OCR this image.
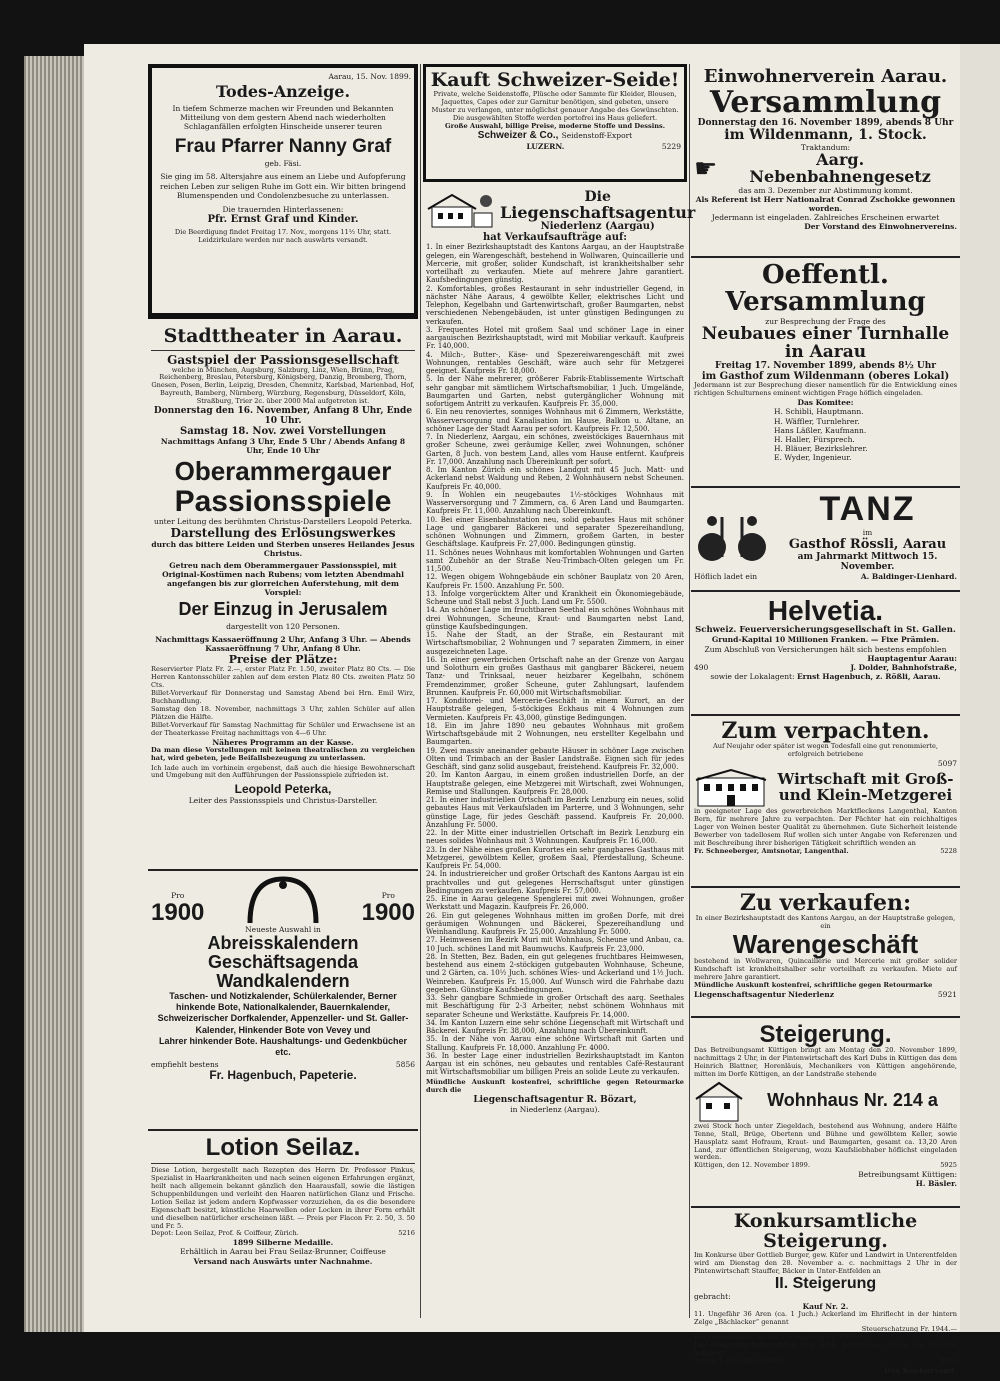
Aarau, 15. Nov. 1899.

Todes-Anzeige.

In tiefem Schmerze machen wir Freunden und Bekannten Mitteilung von dem gestern Abend nach wiederholten Schlaganfällen erfolgten Hinscheide unserer teuren

Frau Pfarrer Nanny Graf

geb. Fäsi.

Sie ging im 58. Altersjahre aus einem an Liebe und Aufopferung reichen Leben zur seligen Ruhe im Gott ein. Wir bitten bringend Blumenspenden und Condolenzbesuche zu unterlassen.

Die trauernden Hinterlassenen:

Pfr. Ernst Graf und Kinder.

Die Beerdigung findet Freitag 17. Nov., morgens 11½ Uhr, statt. Leidzirkulare werden nur nach auswärts versandt.

Stadttheater in Aarau.

Gastspiel der Passionsgesellschaft

welche in München, Augsburg, Salzburg, Linz, Wien, Brünn, Prag, Reichenberg, Breslau, Petersburg, Königsberg, Danzig, Bromberg, Thorn, Gnesen, Posen, Berlin, Leipzig, Dresden, Chemnitz, Karlsbad, Marienbad, Hof, Bayreuth, Bamberg, Nürnberg, Würzburg, Regensburg, Düsseldorf, Köln, Straßburg, Trier 2c. über 2000 Mal aufgetreten ist.

Donnerstag den 16. November, Anfang 8 Uhr, Ende 10 Uhr.

Samstag 18. Nov. zwei Vorstellungen

Nachmittags Anfang 3 Uhr, Ende 5 Uhr / Abends Anfang 8 Uhr, Ende 10 Uhr

Oberammergauer

Passionsspiele

unter Leitung des berühmten Christus-Darstellers Leopold Peterka.

Darstellung des Erlösungswerkes

durch das bittere Leiden und Sterben unseres Heilandes Jesus Christus.

Getreu nach dem Oberammergauer Passionsspiel, mit Original-Kostümen nach Rubens; vom letzten Abendmahl angefangen bis zur glorreichen Auferstehung, mit dem Vorspiel:

Der Einzug in Jerusalem

dargestellt von 120 Personen.

Nachmittags Kassaeröffnung 2 Uhr, Anfang 3 Uhr. — Abends Kassaeröffnung 7 Uhr, Anfang 8 Uhr.

Preise der Plätze:

Reservierter Platz Fr. 2.—, erster Platz Fr. 1.50, zweiter Platz 80 Cts. — Die Herren Kantonsschüler zahlen auf dem ersten Platz 80 Cts. zweiten Platz 50 Cts.

Billet-Vorverkauf für Donnerstag und Samstag Abend bei Hrn. Emil Wirz, Buchhandlung.

Samstag den 18. November, nachmittags 3 Uhr, zahlen Schüler auf allen Plätzen die Hälfte.

Billet-Vorverkauf für Samstag Nachmittag für Schüler und Erwachsene ist an der Theaterkasse Freitag nachmittags von 4—6 Uhr.

Näheres Programm an der Kasse.

Da man diese Vorstellungen mit keinen theatralischen zu vergleichen hat, wird gebeten, jede Beifallsbezeugung zu unterlassen.

Ich lade auch im vorhinein ergebenst, daß auch die hiesige Bewohnerschaft und Umgebung mit den Aufführungen der Passionsspiele zufrieden ist.

Leopold Peterka,

Leiter des Passionsspiels und Christus-Darsteller.

Pro

1900

Pro

1900

Neueste Auswahl in

Abreisskalendern

Geschäftsagenda

Wandkalendern

Taschen- und Notizkalender, Schülerkalender, Berner hinkende Bote, Nationalkalender, Bauernkalender, Schweizerischer Dorfkalender, Appenzeller- und St. Galler-Kalender, Hinkender Bote von Vevey und

Lahrer hinkender Bote. Haushaltungs- und Gedenkbücher etc.

empfiehlt bestens	5856

Fr. Hagenbuch, Papeterie.

Lotion Seilaz.

Diese Lotion, hergestellt nach Rezepten des Herrn Dr. Professor Pinkus, Spezialist in Haarkrankheiten und nach seinen eigenen Erfahrungen ergänzt, heilt nach allgemein bekannt gänzlich den Haarausfall, sowie die lästigen Schuppenbildungen und verleiht den Haaren natürlichen Glanz und Frische. Lotion Seilaz ist jedem andern Kopfwasser vorzuziehen, da es die besondere Eigenschaft besitzt, künstliche Haarwellen oder Locken in ihrer Form erhält und dieselben natürlicher erscheinen läßt. — Preis per Flacon Fr. 2. 50, 3. 50 und Fr. 5.

Depot: Leon Seilaz, Prof. & Coiffeur, Zürich.	5216

1899 Silberne Medaille.

Erhältlich in Aarau bei Frau Seilaz-Brunner, Coiffeuse

Versand nach Auswärts unter Nachnahme.

Kauft Schweizer-Seide!

Private, welche Seidenstoffe, Plüsche oder Sammte für Kleider, Blousen, Jaquettes, Capes oder zur Garnitur benötigen, sind gebeten, unsere Muster zu verlangen, unter möglichst genauer Angabe des Gewünschten. Die ausgewählten Stoffe werden portofrei ins Haus geliefert.

Große Auswahl, billige Preise, moderne Stoffe und Dessins.

Schweizer & Co., Seidenstoff-Export

LUZERN.	5229

Die

Liegenschaftsagentur

Niederlenz (Aargau)

hat Verkaufsaufträge auf:

1. In einer Bezirkshauptstadt des Kantons Aargau, an der Hauptstraße gelegen, ein Warengeschäft, bestehend in Wollwaren, Quincaillerie und Mercerie, mit großer, solider Kundschaft, ist krankheitshalber sehr vorteilhaft zu verkaufen. Miete auf mehrere Jahre garantiert. Kaufsbedingungen günstig.

2. Komfortables, großes Restaurant in sehr industrieller Gegend, in nächster Nähe Aaraus, 4 gewölbte Keller, elektrisches Licht und Telephon, Kegelbahn und Gartenwirtschaft, großer Baumgarten, nebst verschiedenen Nebengebäuden, ist unter günstigen Bedingungen zu verkaufen.

3. Frequentes Hotel mit großem Saal und schöner Lage in einer aargauischen Bezirkshauptstadt, wird mit Mobiliar verkauft. Kaufpreis Fr. 140,000.

4. Milch-, Butter-, Käse- und Spezereiwarengeschäft mit zwei Wohnungen, rentables Geschäft, wäre auch sehr für Metzgerei geeignet. Kaufpreis Fr. 18,000.

5. In der Nähe mehrerer, größerer Fabrik-Etablissemente Wirtschaft sehr gangbar mit sämtlichem Wirtschaftsmobiliar, 1 Juch. Umgelände, Baumgarten und Garten, nebst gutergänglicher Wohnung mit sofortigem Antritt zu verkaufen. Kaufpreis Fr. 35,000.

6. Ein neu renoviertes, sonniges Wohnhaus mit 6 Zimmern, Werkstätte, Wasserversorgung und Kanalisation im Hause, Balkon u. Altane, an schöner Lage der Stadt Aarau per sofort. Kaufpreis Fr. 12,500.

7. In Niederlenz, Aargau, ein schönes, zweistöckiges Bauernhaus mit großer Scheune, zwei geräumige Keller, zwei Wohnungen, schöner Garten, 8 Juch. von bestem Land, alles vom Hause entfernt. Kaufpreis Fr. 17,000. Anzahlung nach Übereinkunft per sofort.

8. Im Kanton Zürich ein schönes Landgut mit 45 Juch. Matt- und Ackerland nebst Waldung und Reben, 2 Wohnhäusern nebst Scheunen. Kaufpreis Fr. 40,000.

9. In Wohlen ein neugebautes 1½-stöckiges Wohnhaus mit Wasserversorgung und 7 Zimmern, ca. 6 Aren Land und Baumgarten. Kaufpreis Fr. 11,000. Anzahlung nach Übereinkunft.

10. Bei einer Eisenbahnstation neu, solid gebautes Haus mit schöner Lage und gangbarer Bäckerei und separater Spezereihandlung, schönen Wohnungen und Zimmern, großem Garten, in bester Geschäftslage. Kaufpreis Fr. 27,000. Bedingungen günstig.

11. Schönes neues Wohnhaus mit komfortablen Wohnungen und Garten samt Zubehör an der Straße Neu-Trimbach-Olten gelegen um Fr. 11,500.

12. Wegen obigem Wohngebäude ein schöner Bauplatz von 20 Aren, Kaufpreis Fr. 1500. Anzahlung Fr. 500.

13. Infolge vorgerücktem Alter und Krankheit ein Ökonomiegebäude, Scheune und Stall nebst 3 Juch. Land um Fr. 5500.

14. An schöner Lage im fruchtbaren Seethal ein schönes Wohnhaus mit drei Wohnungen, Scheune, Kraut- und Baumgarten nebst Land, günstige Kaufsbedingungen.

15. Nahe der Stadt, an der Straße, ein Restaurant mit Wirtschaftsmobiliar, 2 Wohnungen und 7 separaten Zimmern, in einer ausgezeichneten Lage.

16. In einer gewerbreichen Ortschaft nahe an der Grenze von Aargau und Solothurn ein großes Gasthaus mit gangbarer Bäckerei, neuem Tanz- und Trinksaal, neuer heizbarer Kegelbahn, schönem Fremdenzimmer, großer Scheune, guter Zahlungsart, laufendem Brunnen. Kaufpreis Fr. 60,000 mit Wirtschaftsmobiliar.

17. Konditorei- und Mercerie-Geschäft in einem Kurort, an der Hauptstraße gelegen, 5-stöckiges Eckhaus mit 4 Wohnungen zum Vermieten. Kaufpreis Fr. 43,000, günstige Bedingungen.

18. Ein im Jahre 1890 neu gebautes Wohnhaus mit großem Wirtschaftsgebäude mit 2 Wohnungen, neu erstellter Kegelbahn und Baumgarten.

19. Zwei massiv aneinander gebaute Häuser in schöner Lage zwischen Olten und Trimbach an der Basler Landstraße. Eignen sich für jedes Geschäft, sind ganz solid ausgebaut, freistehend. Kaufpreis Fr. 32,000.

20. Im Kanton Aargau, in einem großen industriellen Dorfe, an der Hauptstraße gelegen, eine Metzgerei mit Wirtschaft, zwei Wohnungen, Remise und Stallungen. Kaufpreis Fr. 28,000.

21. In einer industriellen Ortschaft im Bezirk Lenzburg ein neues, solid gebautes Haus mit Verkaufsladen im Parterre, und 3 Wohnungen, sehr günstige Lage, für jedes Geschäft passend. Kaufpreis Fr. 20,000. Anzahlung Fr. 5000.

22. In der Mitte einer industriellen Ortschaft im Bezirk Lenzburg ein neues solides Wohnhaus mit 3 Wohnungen. Kaufpreis Fr. 16,000.

23. In der Nähe eines großen Kurortes ein sehr gangbares Gasthaus mit Metzgerei, gewölbtem Keller, großem Saal, Pferdestallung, Scheune. Kaufpreis Fr. 54,000.

24. In industriereicher und großer Ortschaft des Kantons Aargau ist ein prachtvolles und gut gelegenes Herrschaftsgut unter günstigen Bedingungen zu verkaufen. Kaufpreis Fr. 57,000.

25. Eine in Aarau gelegene Spenglerei mit zwei Wohnungen, großer Werkstatt und Magazin. Kaufpreis Fr. 26,000.

26. Ein gut gelegenes Wohnhaus mitten im großen Dorfe, mit drei geräumigen Wohnungen und Bäckerei, Spezereihandlung und Weinhandlung. Kaufpreis Fr. 25,000. Anzahlung Fr. 5000.

27. Heimwesen im Bezirk Muri mit Wohnhaus, Scheune und Anbau, ca. 10 Juch. schönes Land mit Baumwuchs. Kaufpreis Fr. 23,000.

28. In Stetten, Bez. Baden, ein gut gelegenes fruchtbares Heimwesen, bestehend aus einem 2-stöckigen gutgebauten Wohnhause, Scheune, und 2 Gärten, ca. 10½ Juch. schönes Wies- und Ackerland und 1½ Juch. Weinreben. Kaufpreis Fr. 15,000. Auf Wunsch wird die Fahrhabe dazu gegeben. Günstige Kaufsbedingungen.

33. Sehr gangbare Schmiede in großer Ortschaft des aarg. Seethales mit Beschäftigung für 2-3 Arbeiter, nebst schönem Wohnhaus mit separater Scheune und Werkstätte. Kaufpreis Fr. 14,000.

34. Im Kanton Luzern eine sehr schöne Liegenschaft mit Wirtschaft und Bäckerei. Kaufpreis Fr. 38,000, Anzahlung nach Übereinkunft.

35. In der Nähe von Aarau eine schöne Wirtschaft mit Garten und Stallung. Kaufpreis Fr. 18,000. Anzahlung Fr. 4000.

36. In bester Lage einer industriellen Bezirkshauptstadt im Kanton Aargau ist ein schönes, neu gebautes und rentables Café-Restaurant mit Wirtschaftsmobiliar um billigen Preis an solide Leute zu verkaufen.

Mündliche Auskunft kostenfrei, schriftliche gegen Retourmarke durch die

Liegenschaftsagentur R. Bözart,

in Niederlenz (Aargau).

Einwohnerverein Aarau.

Versammlung

Donnerstag den 16. November 1899, abends 8 Uhr

im Wildenmann, 1. Stock.

Traktandum:

☛	Aarg. Nebenbahnengesetz

das am 3. Dezember zur Abstimmung kommt.

Als Referent ist Herr Nationalrat Conrad Zschokke gewonnen worden.

Jedermann ist eingeladen. Zahlreiches Erscheinen erwartet

Der Vorstand des Einwohnervereins.

Oeffentl. Versammlung

zur Besprechung der Frage des

Neubaues einer Turnhalle in Aarau

Freitag 17. November 1899, abends 8½ Uhr

im Gasthof zum Wildenmann (oberes Lokal)

Jedermann ist zur Besprechung dieser namentlich für die Entwicklung eines richtigen Schulturnens eminent wichtigen Frage höflich eingeladen.

Das Komitee:

H. Schibli, Hauptmann.

H. Wäffler, Turnlehrer.

Hans Läßler, Kaufmann.

H. Haller, Fürsprech.

H. Bläuer, Bezirkslehrer.

E. Wyder, Ingenieur.

TANZ

im

Gasthof Rössli, Aarau

am Jahrmarkt Mittwoch 15. November.

Höflich ladet ein	A. Baldinger-Lienhard.

Helvetia.

Schweiz. Feuerversicherungsgesellschaft in St. Gallen.

Grund-Kapital 10 Millionen Franken. — Fixe Prämien.

Zum Abschluß von Versicherungen hält sich bestens empfohlen

Hauptagentur Aarau:

490	J. Dolder, Bahnhofstraße,

sowie der Lokalagent: Ernst Hagenbuch, z. Rößli, Aarau.

Zum verpachten.

Auf Neujahr oder später ist wegen Todesfall eine gut renommierte, erfolgreich betriebene

5097

Wirtschaft mit Groß- und Klein-Metzgerei

in geeigneter Lage des gewerbreichen Marktfleckens Langenthal, Kanton Bern, für mehrere Jahre zu verpachten. Der Pächter hat ein reichhaltiges Lager von Weinen bester Qualität zu übernehmen. Gute Sicherheit leistende Bewerber von tadellosem Ruf wollen sich unter Angabe von Referenzen und mit Beschreibung ihrer bisherigen Tätigkeit schriftlich wenden an

Fr. Schneeberger, Amtsnotar, Langenthal.	5228

Zu verkaufen:

In einer Bezirkshauptstadt des Kantons Aargau, an der Hauptstraße gelegen, ein

Warengeschäft

bestehend in Wollwaren, Quincaillerie und Mercerie mit großer solider Kundschaft ist krankheitshalber sehr vorteilhaft zu verkaufen. Miete auf mehrere Jahre garantiert.

Mündliche Auskunft kostenfrei, schriftliche gegen Retourmarke

Liegenschaftsagentur Niederlenz	5921

Steigerung.

Das Betreibungsamt Küttigen bringt am Montag den 20. November 1899, nachmittags 2 Uhr, in der Pintenwirtschaft des Karl Dubs in Küttigen das dem Heinrich Blattner, Horenläuis, Mechanikers von Küttigen angehörende, mitten im Dorfe Küttigen, an der Landstraße stehende

Wohnhaus Nr. 214 a

zwei Stock hoch unter Ziegeldach, bestehend aus Wohnung, andere Hälfte Tenne, Stall, Brüge, Obertenn und Bühne und gewölbtem Keller, sowie Hausplatz samt Hofraum, Kraut- und Baumgarten, gesamt ca. 13,20 Aren Land, zur öffentlichen Steigerung, wozu Kaufsliebhaber höflichst eingeladen werden.

Küttigen, den 12. November 1899.	5925

Betreibungsamt Küttigen:

H. Bäsler.

Konkursamtliche Steigerung.

Im Konkurse über Gottlieb Burger, gew. Küfer und Landwirt in Unterentfelden wird am Dienstag den 28. November a. c. nachmittags 2 Uhr in der Pintenwirtschaft Stauffer, Bäcker in Unter-Entfelden an

II. Steigerung

gebracht:

Kauf Nr. 2.

11. Ungefähr 36 Aren (ca. 1 Juch.) Ackerland im Ehriflecht in der hintern Zelge „Bächlacker“ genannt

Steuerschatzung Fr. 1944.—

Höchstes Angebot an der I. Steigerung Fr. 1500.—

Die Steigerungsbedingungen sind beim Konkursamt Aarau zur Einsicht aufgelegt.

Aarau, 7. November 1899.	5853

Das Konkursamt.
